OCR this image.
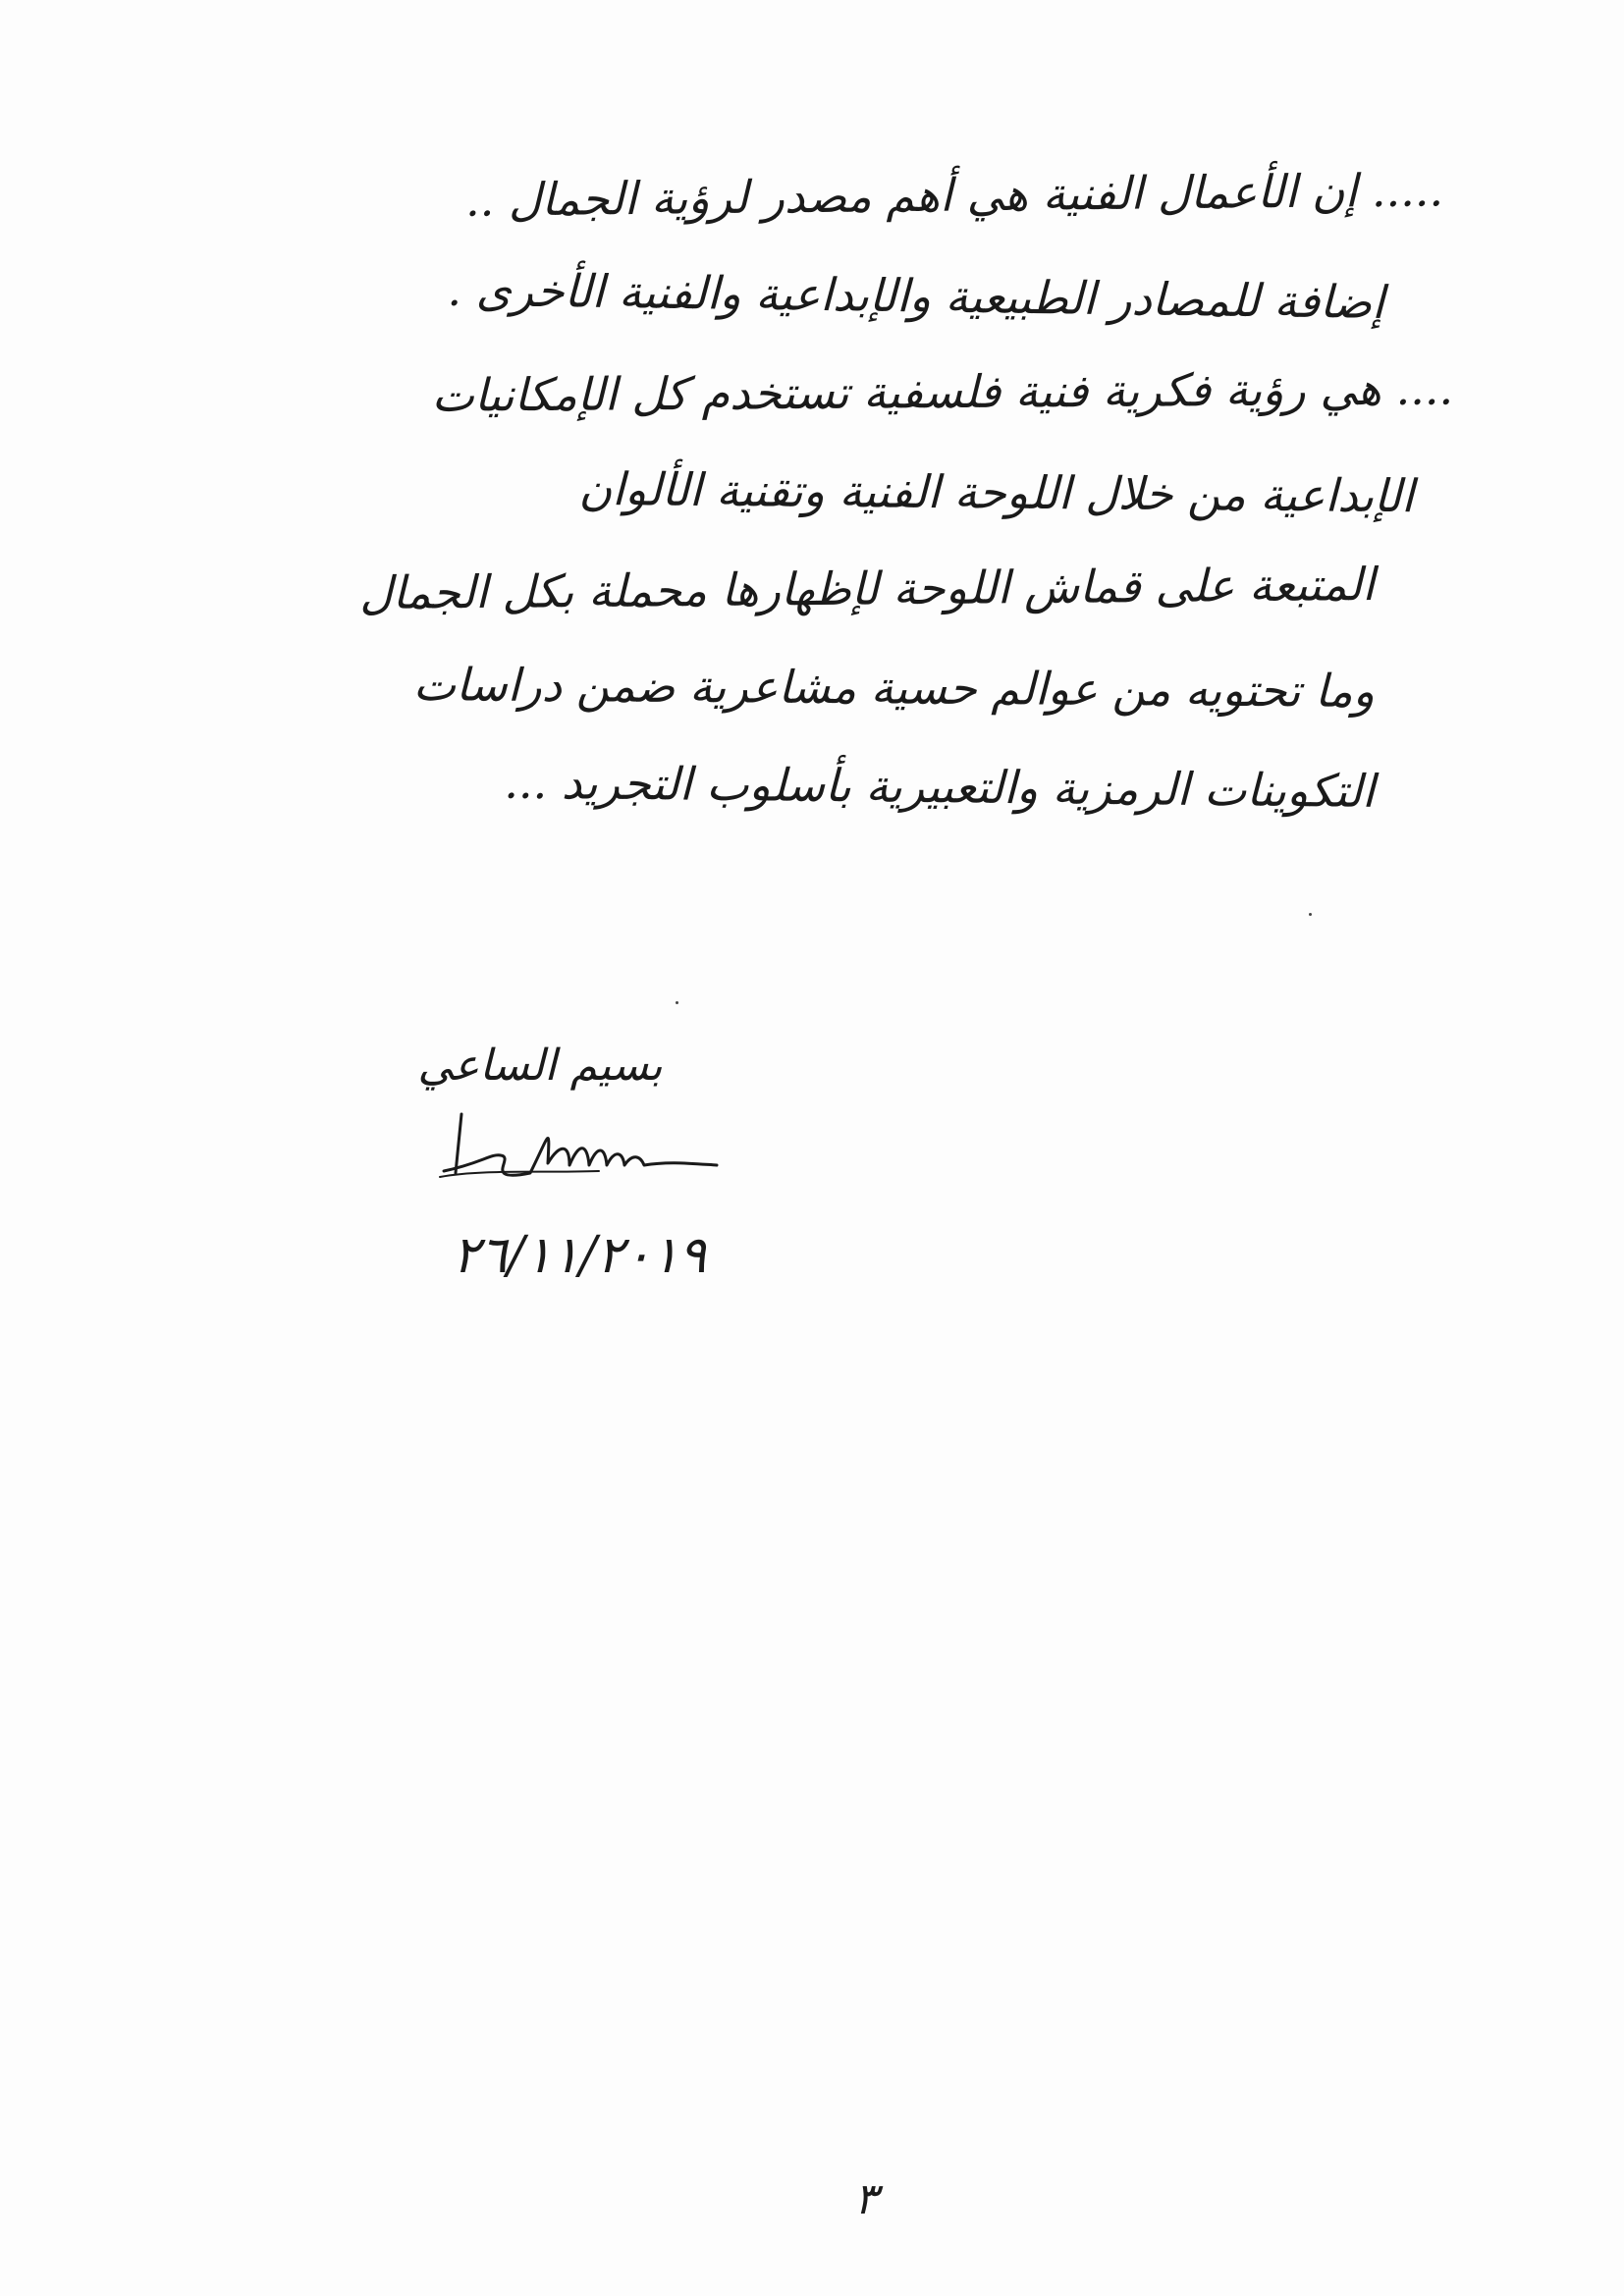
..... إن الأعمال الفنية هي أهم مصدر لرؤية الجمال ..
إضافة للمصادر الطبيعية والإبداعية والفنية الأخرى .
.... هي رؤية فكرية فنية فلسفية تستخدم كل الإمكانيات
الإبداعية من خلال اللوحة الفنية وتقنية الألوان
المتبعة على قماش اللوحة لإظهارها محملة بكل الجمال
وما تحتويه من عوالم حسية مشاعرية ضمن دراسات
التكوينات الرمزية والتعبيرية بأسلوب التجريد ...
بسيم الساعي
٢٦/١١/٢٠١٩
٣
